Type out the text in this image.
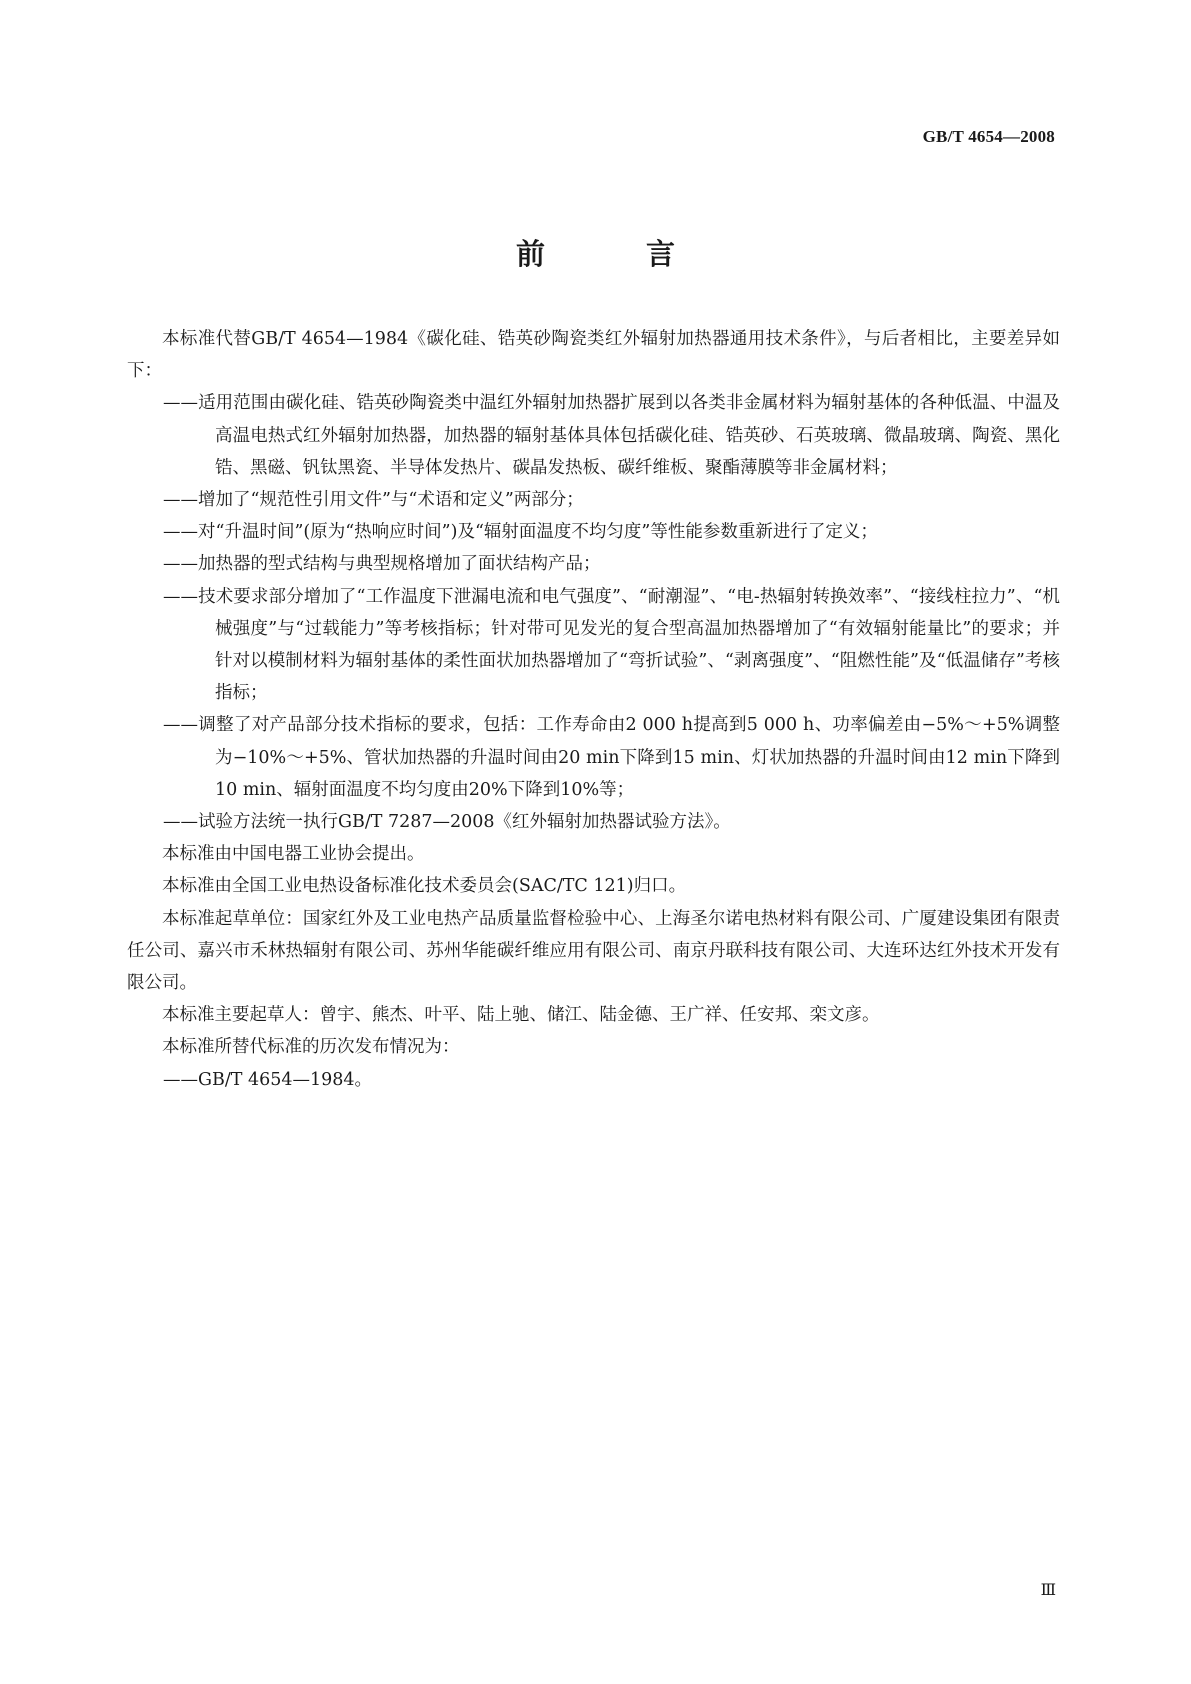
GB/T 4654—2008
前　言

本标准代替GB/T 4654—1984《碳化硅、锆英砂陶瓷类红外辐射加热器通用技术条件》，与后者相比，主要差异如下：

——适用范围由碳化硅、锆英砂陶瓷类中温红外辐射加热器扩展到以各类非金属材料为辐射基体的各种低温、中温及高温电热式红外辐射加热器，加热器的辐射基体具体包括碳化硅、锆英砂、石英玻璃、微晶玻璃、陶瓷、黑化锆、黑磁、钒钛黑瓷、半导体发热片、碳晶发热板、碳纤维板、聚酯薄膜等非金属材料；

——增加了“规范性引用文件”与“术语和定义”两部分；

——对“升温时间”(原为“热响应时间”)及“辐射面温度不均匀度”等性能参数重新进行了定义；

——加热器的型式结构与典型规格增加了面状结构产品；

——技术要求部分增加了“工作温度下泄漏电流和电气强度”、“耐潮湿”、“电-热辐射转换效率”、“接线柱拉力”、“机械强度”与“过载能力”等考核指标；针对带可见发光的复合型高温加热器增加了“有效辐射能量比”的要求；并针对以模制材料为辐射基体的柔性面状加热器增加了“弯折试验”、“剥离强度”、“阻燃性能”及“低温储存”考核指标；

——调整了对产品部分技术指标的要求，包括：工作寿命由2 000 h提高到5 000 h、功率偏差由−5%～+5%调整为−10%～+5%、管状加热器的升温时间由20 min下降到15 min、灯状加热器的升温时间由12 min下降到10 min、辐射面温度不均匀度由20%下降到10%等；

——试验方法统一执行GB/T 7287—2008《红外辐射加热器试验方法》。

本标准由中国电器工业协会提出。

本标准由全国工业电热设备标准化技术委员会(SAC/TC 121)归口。

本标准起草单位：国家红外及工业电热产品质量监督检验中心、上海圣尔诺电热材料有限公司、广厦建设集团有限责任公司、嘉兴市禾林热辐射有限公司、苏州华能碳纤维应用有限公司、南京丹联科技有限公司、大连环达红外技术开发有限公司。

本标准主要起草人：曾宇、熊杰、叶平、陆上驰、储江、陆金德、王广祥、任安邦、栾文彦。

本标准所替代标准的历次发布情况为：

——GB/T 4654—1984。

Ⅲ
